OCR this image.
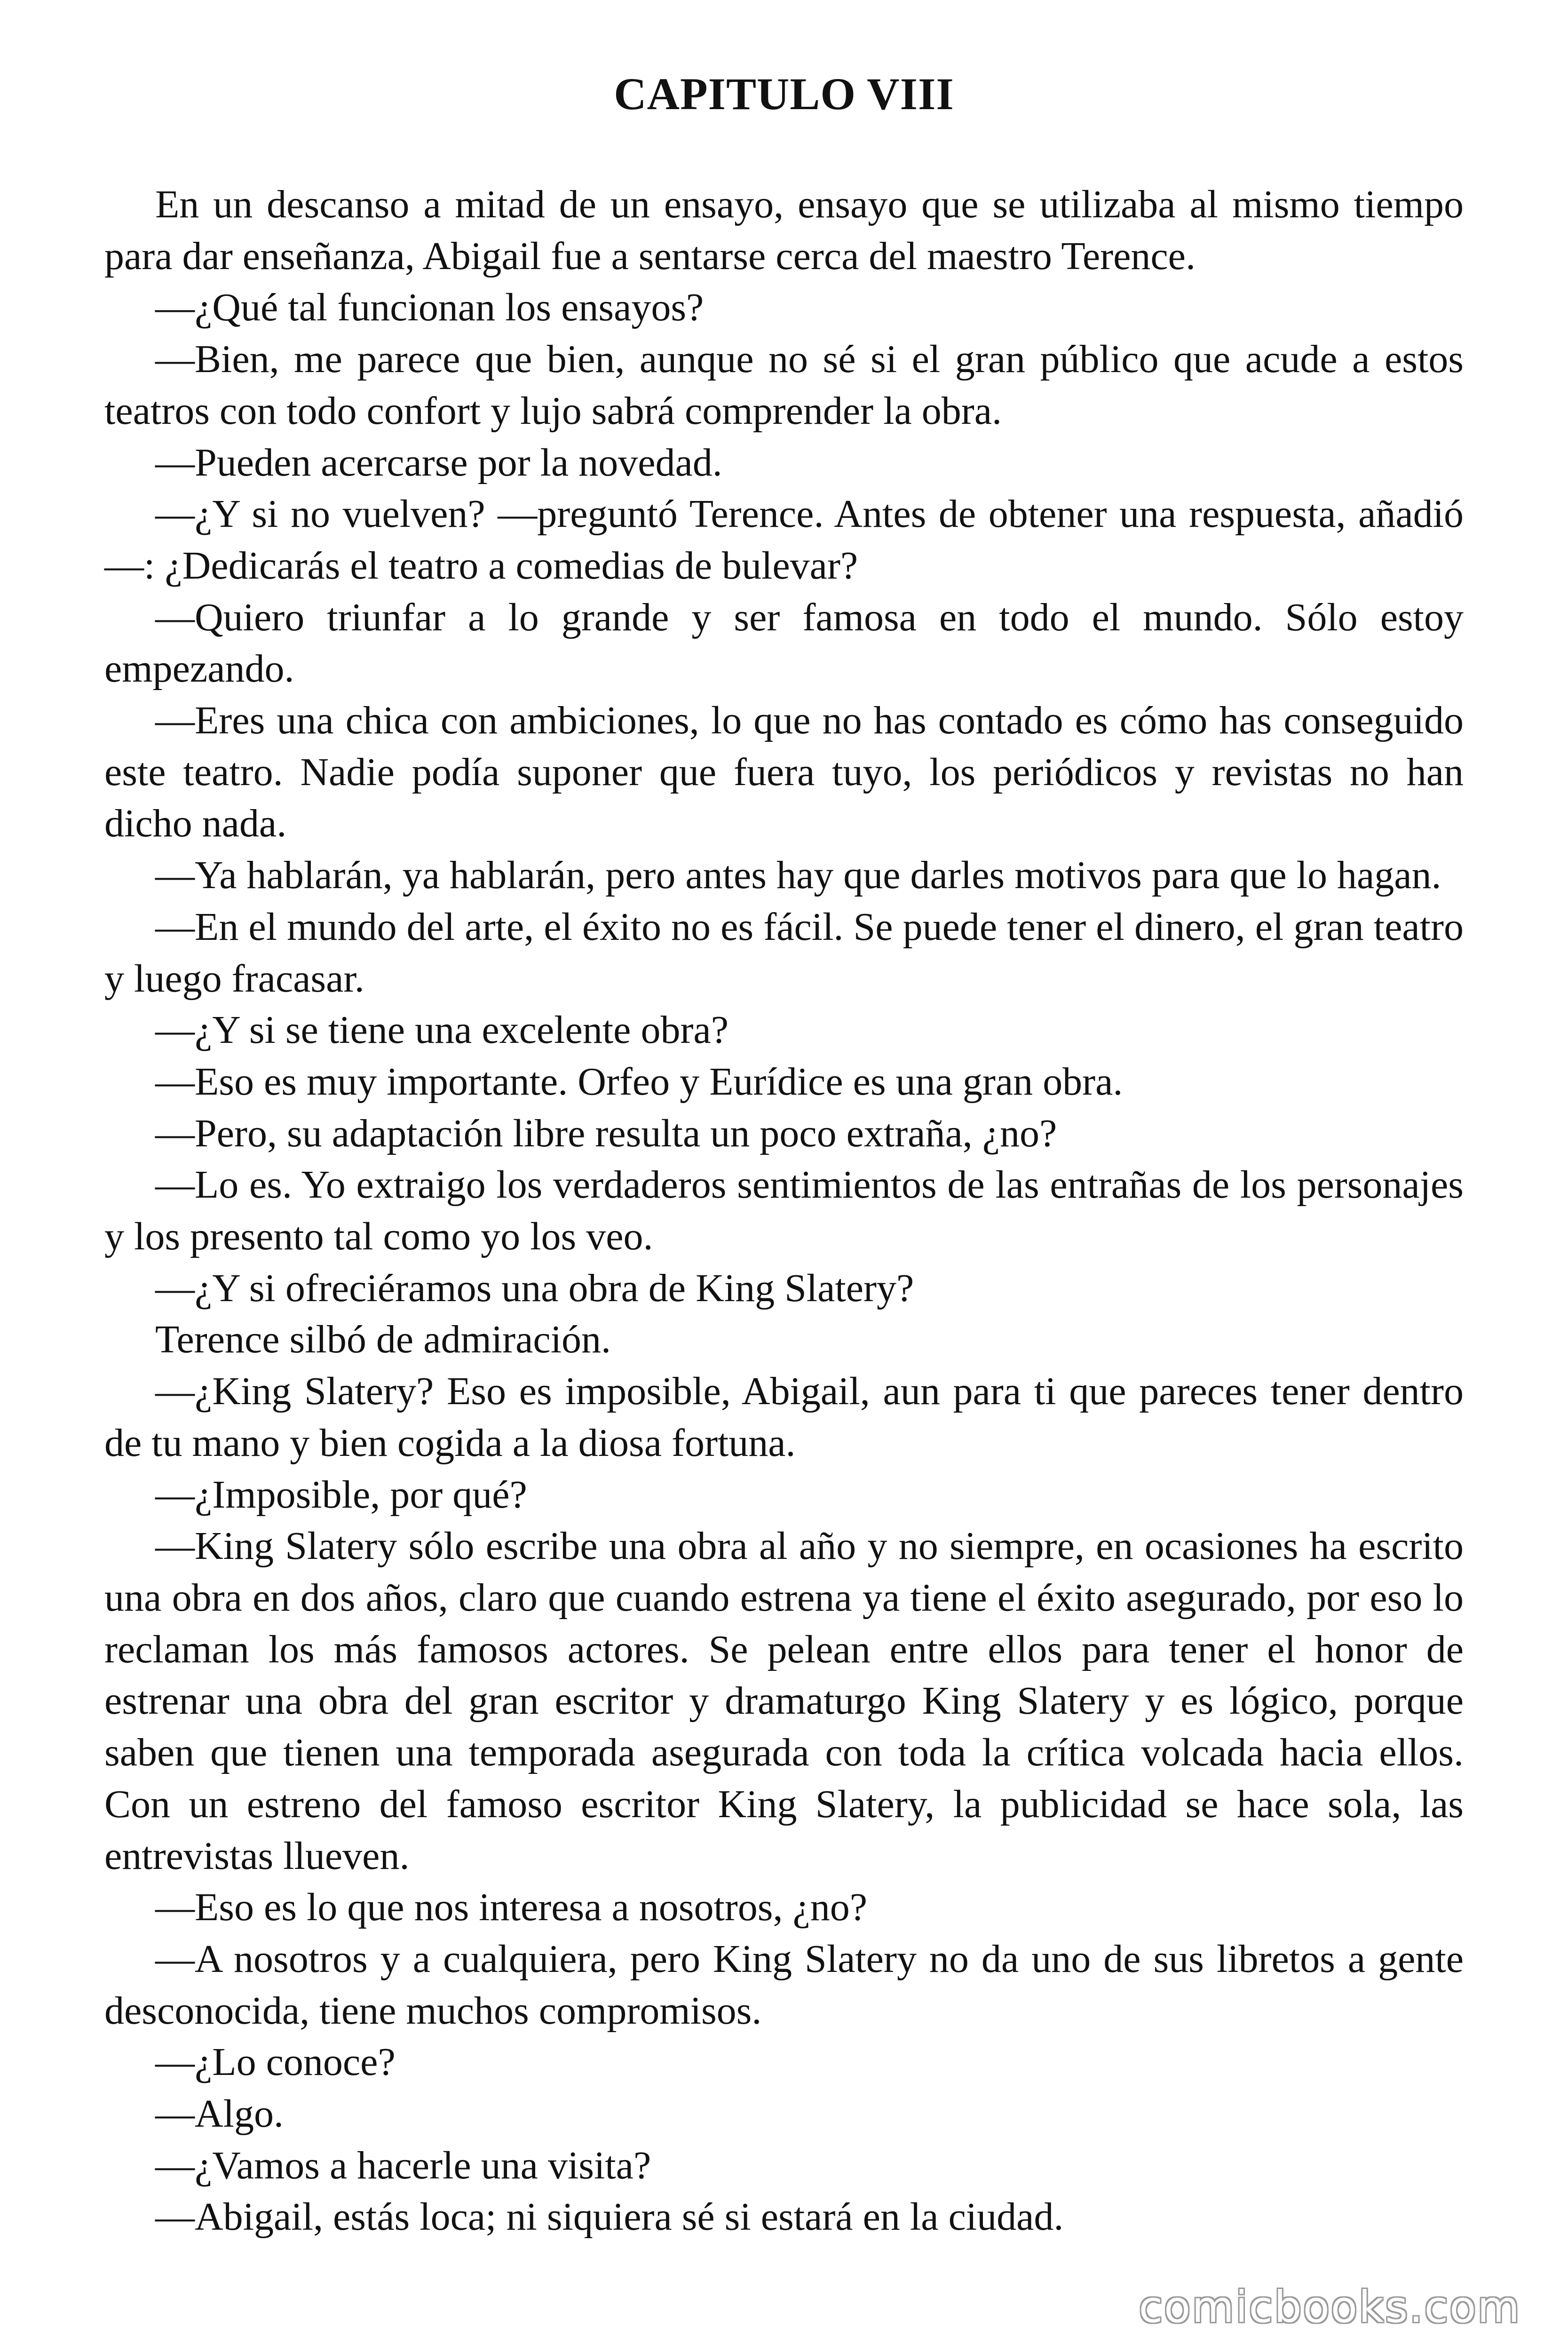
CAPITULO VIII

En un descanso a mitad de un ensayo, ensayo que se utilizaba al mismo tiempo para dar enseñanza, Abigail fue a sentarse cerca del maestro Terence.

—¿Qué tal funcionan los ensayos?

—Bien, me parece que bien, aunque no sé si el gran público que acude a estos teatros con todo confort y lujo sabrá comprender la obra.

—Pueden acercarse por la novedad.

—¿Y si no vuelven? —preguntó Terence. Antes de obtener una respuesta, añadió—: ¿Dedicarás el teatro a comedias de bulevar?

—Quiero triunfar a lo grande y ser famosa en todo el mundo. Sólo estoy empezando.

—Eres una chica con ambiciones, lo que no has contado es cómo has conseguido este teatro. Nadie podía suponer que fuera tuyo, los periódicos y revistas no han dicho nada.

—Ya hablarán, ya hablarán, pero antes hay que darles motivos para que lo hagan.

—En el mundo del arte, el éxito no es fácil. Se puede tener el dinero, el gran teatro y luego fracasar.

—¿Y si se tiene una excelente obra?

—Eso es muy importante. Orfeo y Eurídice es una gran obra.

—Pero, su adaptación libre resulta un poco extraña, ¿no?

—Lo es. Yo extraigo los verdaderos sentimientos de las entrañas de los personajes y los presento tal como yo los veo.

—¿Y si ofreciéramos una obra de King Slatery?

Terence silbó de admiración.

—¿King Slatery? Eso es imposible, Abigail, aun para ti que pareces tener dentro de tu mano y bien cogida a la diosa fortuna.

—¿Imposible, por qué?

—King Slatery sólo escribe una obra al año y no siempre, en ocasiones ha escrito una obra en dos años, claro que cuando estrena ya tiene el éxito asegurado, por eso lo reclaman los más famosos actores. Se pelean entre ellos para tener el honor de estrenar una obra del gran escritor y dramaturgo King Slatery y es lógico, porque saben que tienen una temporada asegurada con toda la crítica volcada hacia ellos. Con un estreno del famoso escritor King Slatery, la publicidad se hace sola, las entrevistas llueven.

—Eso es lo que nos interesa a nosotros, ¿no?

—A nosotros y a cualquiera, pero King Slatery no da uno de sus libretos a gente desconocida, tiene muchos compromisos.

—¿Lo conoce?

—Algo.

—¿Vamos a hacerle una visita?

—Abigail, estás loca; ni siquiera sé si estará en la ciudad.

comicbooks.com
